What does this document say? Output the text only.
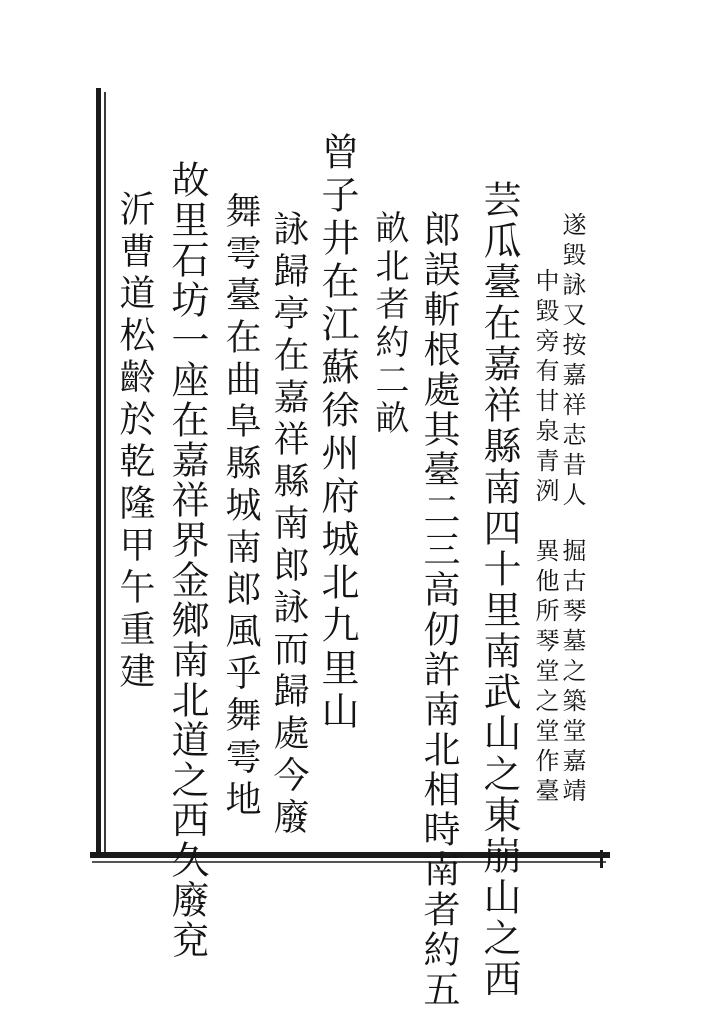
遂毀詠又按嘉祥志昔人
中毀旁有甘泉青洌
掘古琴墓之築堂嘉靖
異他所琴堂之堂作臺
芸瓜臺在嘉祥縣南四十里南武山之東崩山之西
郎誤斬根處其臺二三高仞許南北相時南者約五
畝北者約二畝
曾子井在江蘇徐州府城北九里山
詠歸亭在嘉祥縣南郎詠而歸處今廢
舞雩臺在曲阜縣城南郎風乎舞雩地
故里石坊一座在嘉祥界金鄉南北道之西久廢兗
沂曹道松齡於乾隆甲午重建
